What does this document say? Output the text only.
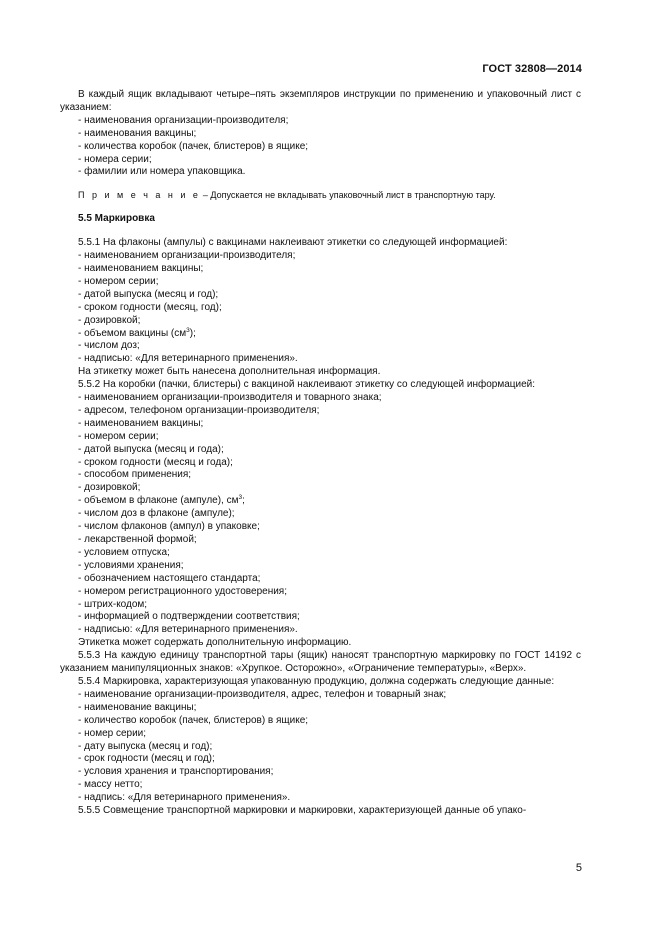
ГОСТ 32808—2014

В каждый ящик вкладывают четыре–пять экземпляров инструкции по применению и упаковочный лист с указанием:

- наименования организации-производителя;

- наименования вакцины;

- количества коробок (пачек, блистеров) в ящике;

- номера серии;

- фамилии или номера упаковщика.

П р и м е ч а н и е – Допускается не вкладывать упаковочный лист в транспортную тару.

5.5 Маркировка

5.5.1 На флаконы (ампулы) с вакцинами наклеивают этикетки со следующей информацией:

- наименованием организации-производителя;

- наименованием вакцины;

- номером серии;

- датой выпуска (месяц и год);

- сроком годности (месяц, год);

- дозировкой;

- объемом вакцины $(см^3)$;

- числом доз;

- надписью: «Для ветеринарного применения».

На этикетку может быть нанесена дополнительная информация.

5.5.2 На коробки (пачки, блистеры) с вакциной наклеивают этикетку со следующей информацией:

- наименованием организации-производителя и товарного знака;

- адресом, телефоном организации-производителя;

- наименованием вакцины;

- номером серии;

- датой выпуска (месяц и года);

- сроком годности (месяц и года);

- способом применения;

- дозировкой;

- объемом в флаконе (ампуле), $см^3$;

- числом доз в флаконе (ампуле);

- числом флаконов (ампул) в упаковке;

- лекарственной формой;

- условием отпуска;

- условиями хранения;

- обозначением настоящего стандарта;

- номером регистрационного удостоверения;

- штрих-кодом;

- информацией о подтверждении соответствия;

- надписью: «Для ветеринарного применения».

Этикетка может содержать дополнительную информацию.

5.5.3 На каждую единицу транспортной тары (ящик) наносят транспортную маркировку по ГОСТ 14192 с указанием манипуляционных знаков: «Хрупкое. Осторожно», «Ограничение температуры», «Верх».

5.5.4 Маркировка, характеризующая упакованную продукцию, должна содержать следующие данные:

- наименование организации-производителя, адрес, телефон и товарный знак;

- наименование вакцины;

- количество коробок (пачек, блистеров) в ящике;

- номер серии;

- дату выпуска (месяц и год);

- срок годности (месяц и год);

- условия хранения и транспортирования;

- массу нетто;

- надпись: «Для ветеринарного применения».

5.5.5 Совмещение транспортной маркировки и маркировки, характеризующей данные об упако-

5
